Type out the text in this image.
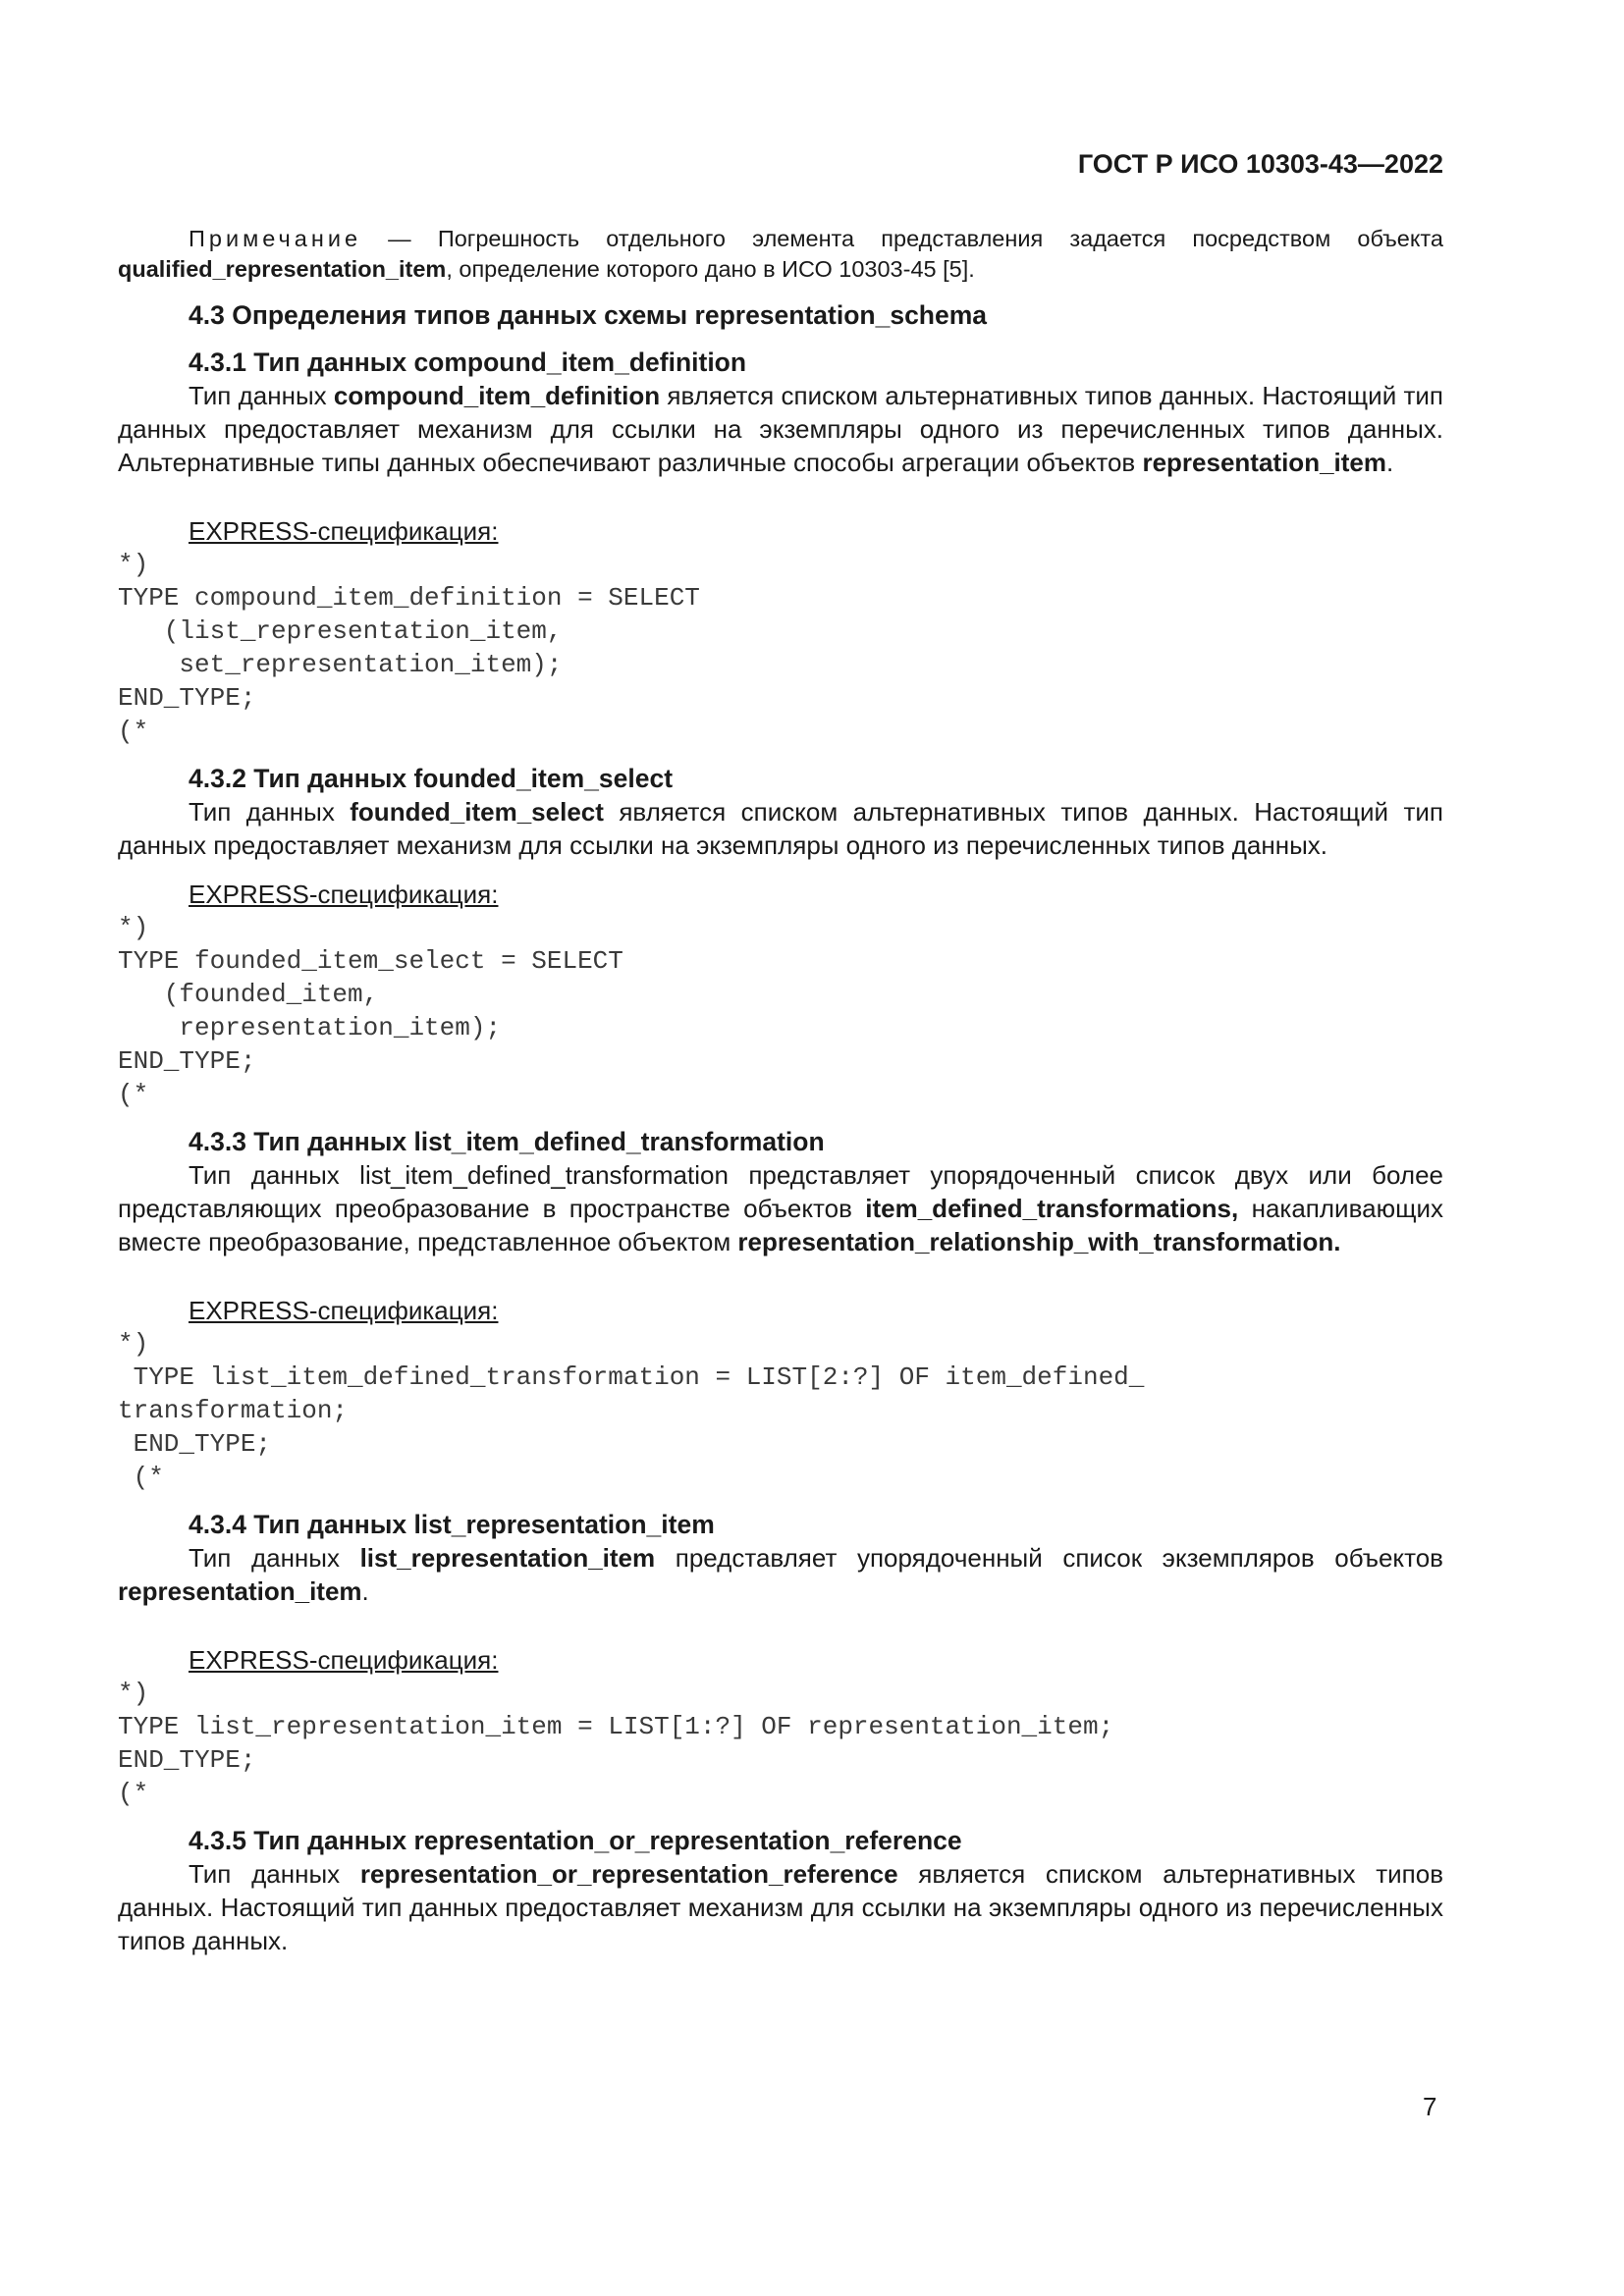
ГОСТ Р ИСО 10303-43—2022

Примечание — Погрешность отдельного элемента представления задается посредством объекта qualified_representation_item, определение которого дано в ИСО 10303-45 [5].

4.3 Определения типов данных схемы representation_schema
4.3.1 Тип данных compound_item_definition

Тип данных compound_item_definition является списком альтернативных типов данных. Настоящий тип данных предоставляет механизм для ссылки на экземпляры одного из перечисленных типов данных. Альтернативные типы данных обеспечивают различные способы агрегации объектов representation_item.

EXPRESS-спецификация:

*)
TYPE compound_item_definition = SELECT
(list_representation_item,
set_representation_item);
END_TYPE;
(*
4.3.2 Тип данных founded_item_select

Тип данных founded_item_select является списком альтернативных типов данных. Настоящий тип данных предоставляет механизм для ссылки на экземпляры одного из перечисленных типов данных.

EXPRESS-спецификация:

*)
TYPE founded_item_select = SELECT
(founded_item,
representation_item);
END_TYPE;
(*
4.3.3 Тип данных list_item_defined_transformation

Тип данных list_item_defined_transformation представляет упорядоченный список двух или более представляющих преобразование в пространстве объектов item_defined_transformations, накапливающих вместе преобразование, представленное объектом representation_relationship_with_transformation.

EXPRESS-спецификация:

*)
TYPE list_item_defined_transformation = LIST[2:?] OF item_defined_
transformation;
END_TYPE;
(*
4.3.4 Тип данных list_representation_item

Тип данных list_representation_item представляет упорядоченный список экземпляров объектов representation_item.

EXPRESS-спецификация:

*)
TYPE list_representation_item = LIST[1:?] OF representation_item;
END_TYPE;
(*
4.3.5 Тип данных representation_or_representation_reference

Тип данных representation_or_representation_reference является списком альтернативных типов данных. Настоящий тип данных предоставляет механизм для ссылки на экземпляры одного из перечисленных типов данных.

7
